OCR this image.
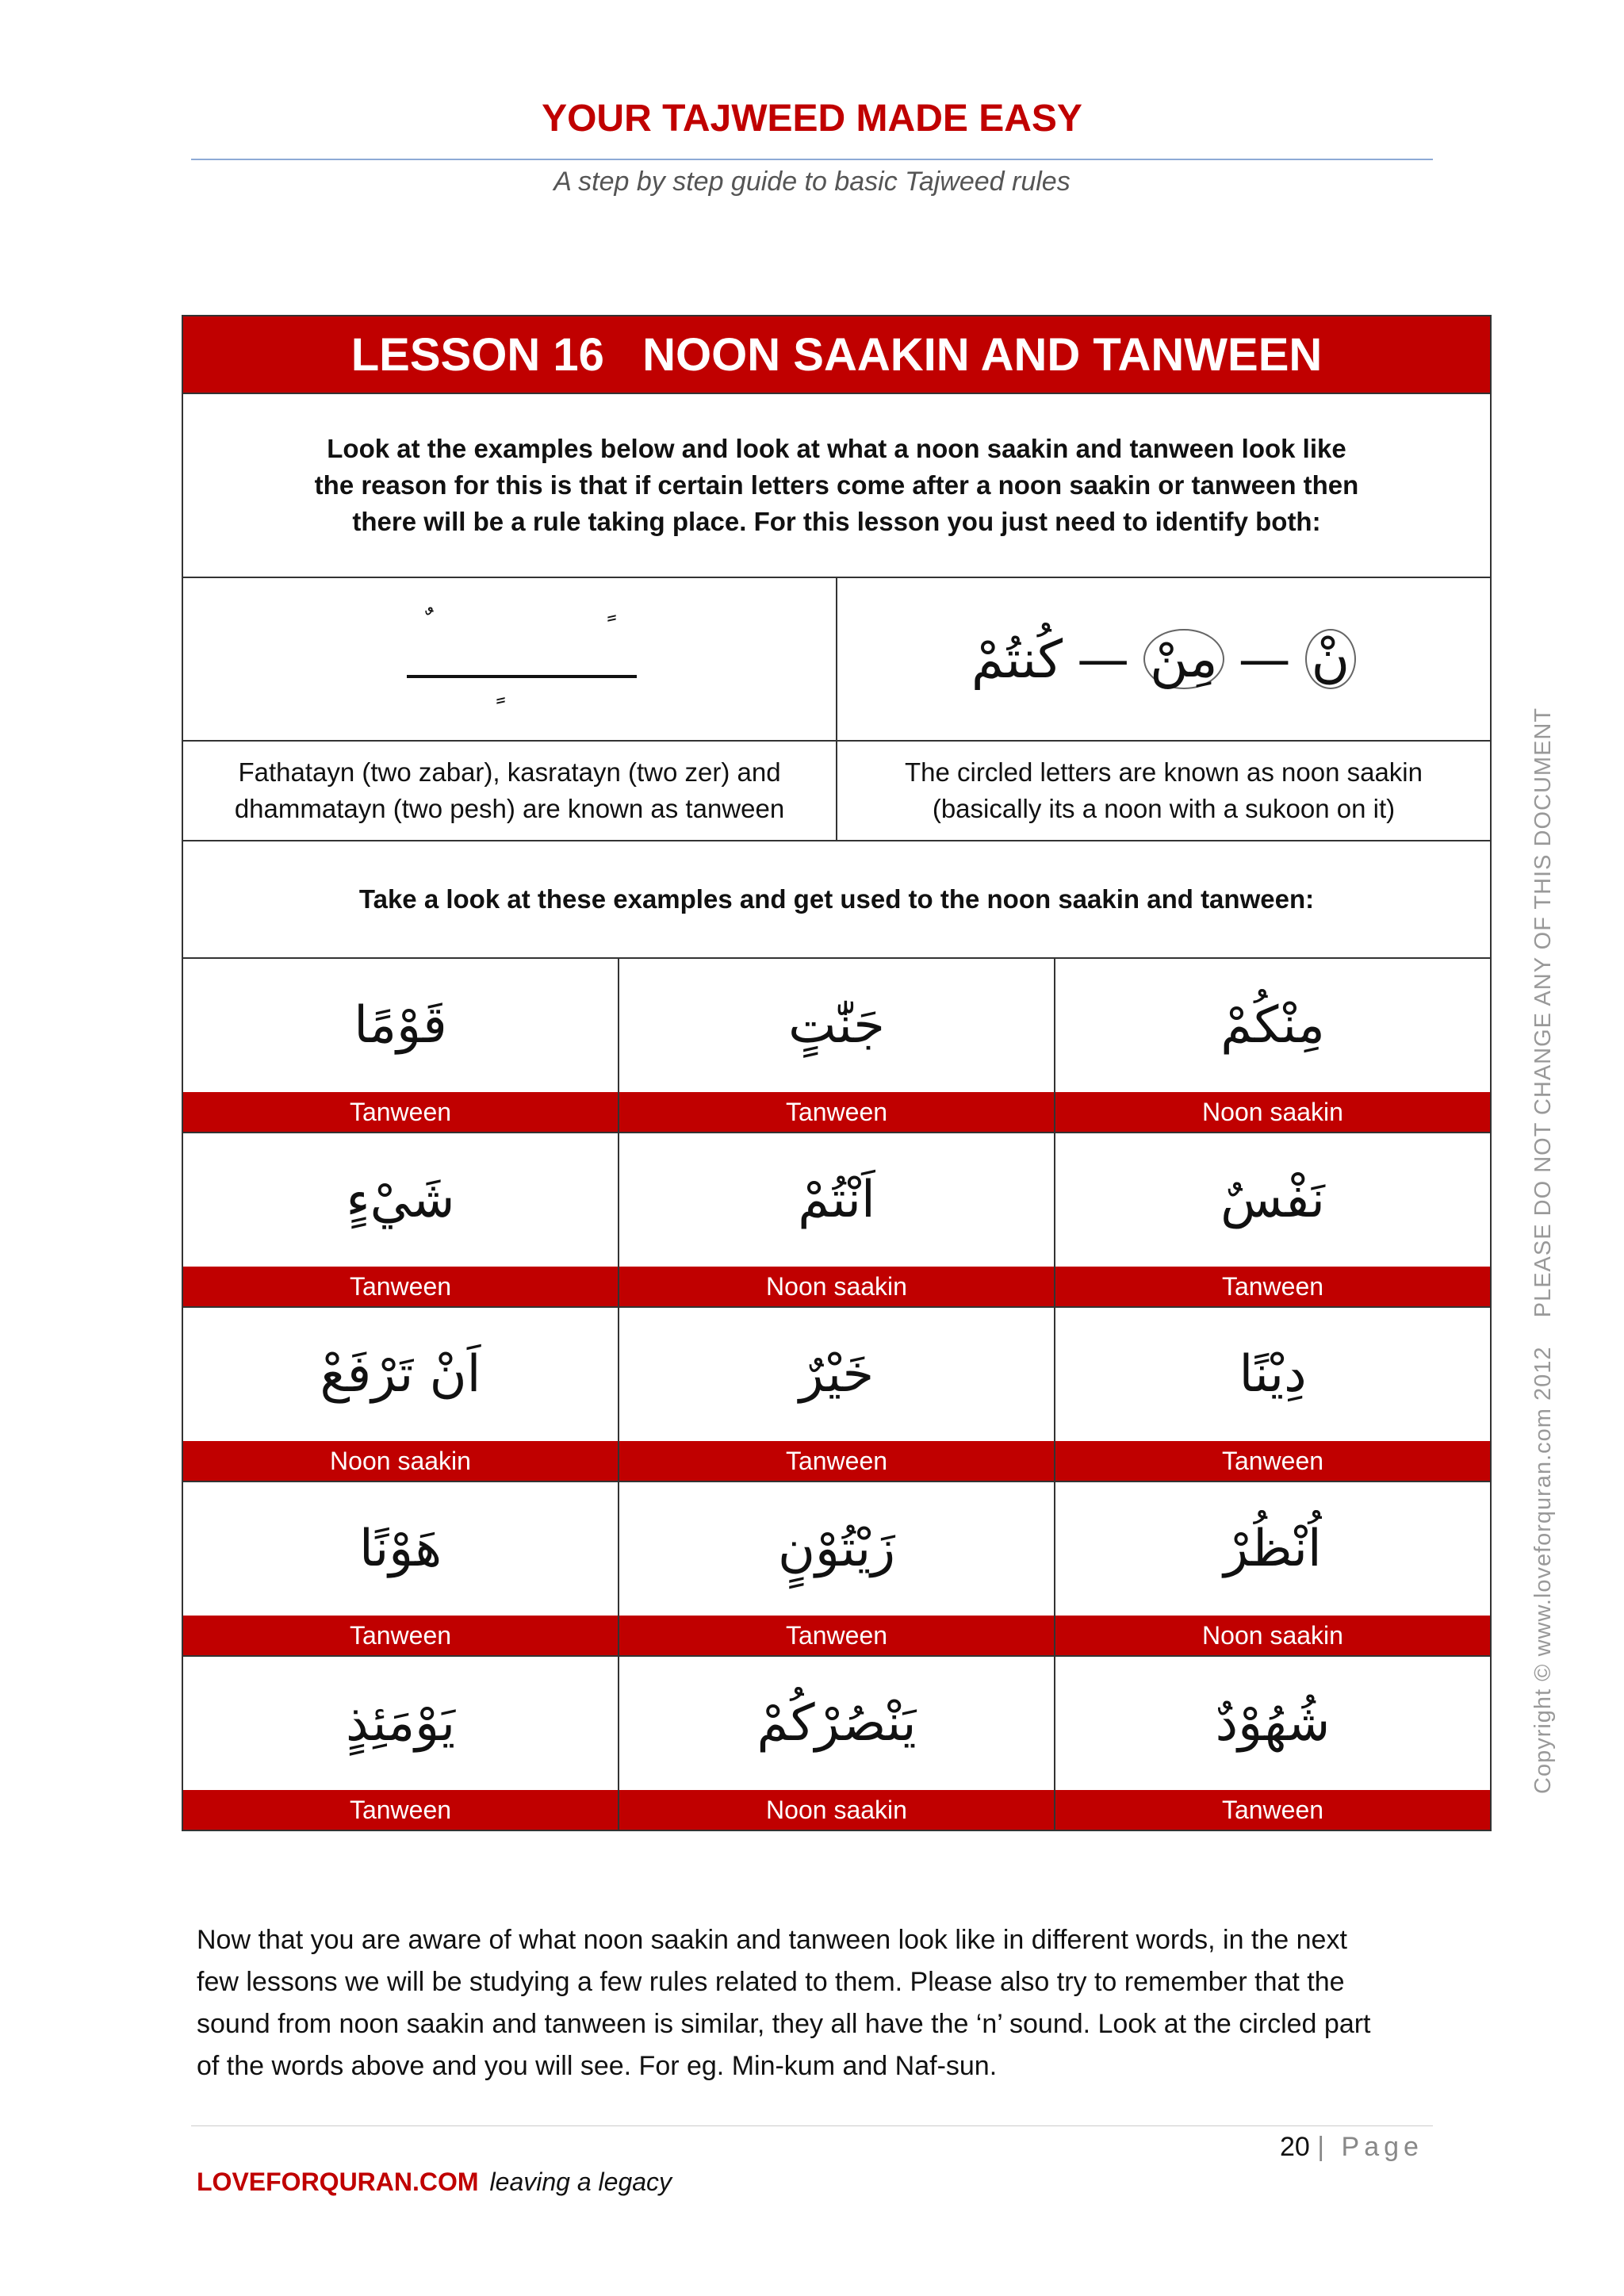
YOUR TAJWEED MADE EASY
A step by step guide to basic Tajweed rules
LESSON 16   NOON SAAKIN AND TANWEEN
Look at the examples below and look at what a noon saakin and tanween look like
the reason for this is that if certain letters come after a noon saakin or tanween then
there will be a rule taking place. For this lesson you just need to identify both:
نْ
—
مِنْ
—
كُنتُمْ
Fathatayn (two zabar), kasratayn (two zer) and
dhammatayn (two pesh) are known as tanween
The circled letters are known as noon saakin
(basically its a noon with a sukoon on it)
Take a look at these examples and get used to the noon saakin and tanween:
قَوْمًا
Tanween
جَنّٰتٍ
Tanween
مِنْكُمْ
Noon saakin
شَيْءٍ
Tanween
اَنْتُمْ
Noon saakin
نَفْسٌ
Tanween
اَنْ تَرْفَعْ
Noon saakin
خَيْرٌ
Tanween
دِيْنًا
Tanween
هَوْنًا
Tanween
زَيْتُوْنٍ
Tanween
اُنْظُرْ
Noon saakin
يَوْمَئِذٍ
Tanween
يَنْصُرْكُمْ
Noon saakin
شُهُوْدٌ
Tanween
Now that you are aware of what noon saakin and tanween look like in different words, in the next
few lessons we will be studying a few rules related to them. Please also try to remember that the
sound from noon saakin and tanween is similar, they all have the ‘n’ sound. Look at the circled part
of the words above and you will see. For eg. Min-kum and Naf-sun.
20 | Page
LOVEFORQURAN.COM leaving a legacy
Copyright © www.loveforquran.com 2012    PLEASE DO NOT CHANGE ANY OF THIS DOCUMENT
